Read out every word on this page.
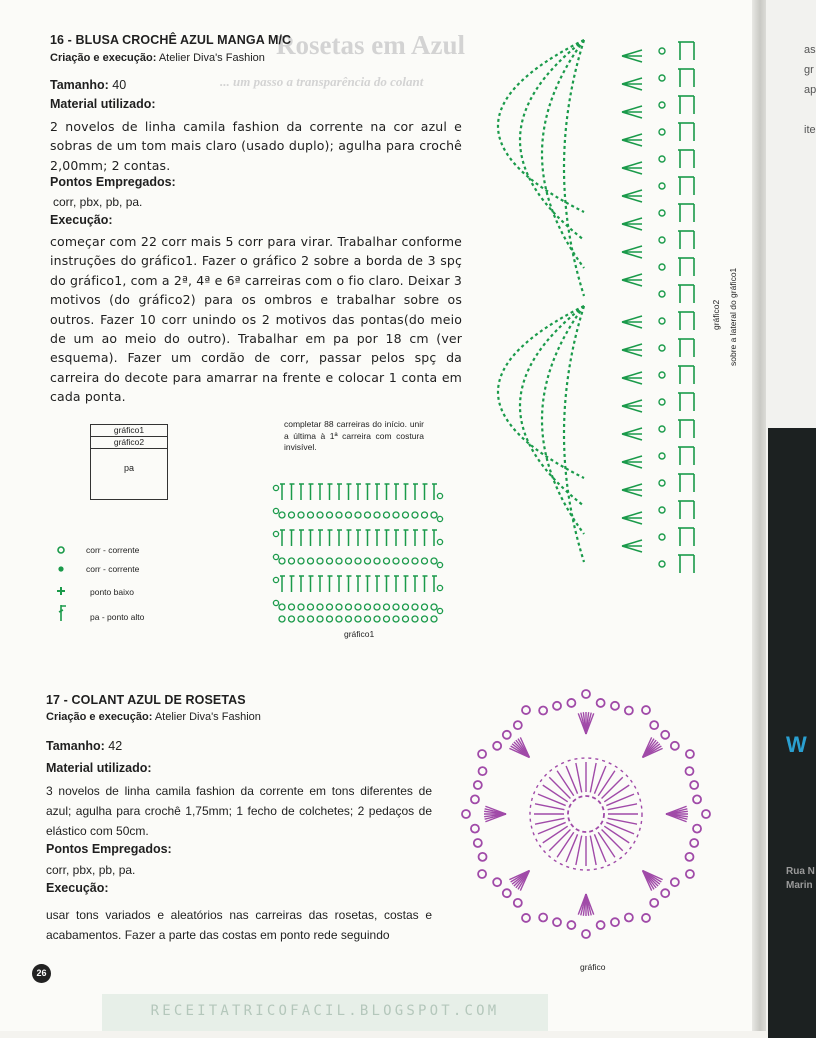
as
gr
ap
ite
W
Rua N
Marin
Rosetas em Azul
... um passo a transparência do colant
16 - BLUSA CROCHÊ AZUL MANGA M/C
Criação e execução: Atelier Diva's Fashion
Tamanho: 40
Material utilizado:
2 novelos de linha camila fashion da corrente na cor azul e sobras de um tom mais claro (usado duplo); agulha para crochê 2,00mm; 2 contas.
Pontos Empregados:
corr, pbx, pb, pa.
Execução:
começar com 22 corr mais 5 corr para virar. Trabalhar conforme instruções do gráfico1. Fazer o gráfico 2 sobre a borda de 3 spç do gráfico1, com a 2ª, 4ª e 6ª carreiras com o fio claro. Deixar 3 motivos (do gráfico2) para os ombros e trabalhar sobre os outros. Fazer 10 corr unindo os 2 motivos das pontas(do meio de um ao meio do outro). Trabalhar em pa por 18 cm (ver esquema). Fazer um cordão de corr, passar pelos spç da carreira do decote para amarrar na frente e colocar 1 conta em cada ponta.
gráfico1
gráfico2
pa
corr - corrente
corr - corrente
ponto baixo
pa - ponto alto
completar 88 carreiras do início. unir a última à 1ª carreira com costura invisível.
gráfico1
gráfico2 sobre a lateral do gráfico1
17 - COLANT AZUL DE ROSETAS
Criação e execução: Atelier Diva's Fashion
Tamanho: 42
Material utilizado:
3 novelos de linha camila fashion da corrente em tons diferentes de azul; agulha para crochê 1,75mm; 1 fecho de colchetes; 2 pedaços de elástico com 50cm.
Pontos Empregados:
corr, pbx, pb, pa.
Execução:
usar tons variados e aleatórios nas carreiras das rosetas, costas e acabamentos. Fazer a parte das costas em ponto rede seguindo
gráfico
26
RECEITATRICOFACIL.BLOGSPOT.COM
